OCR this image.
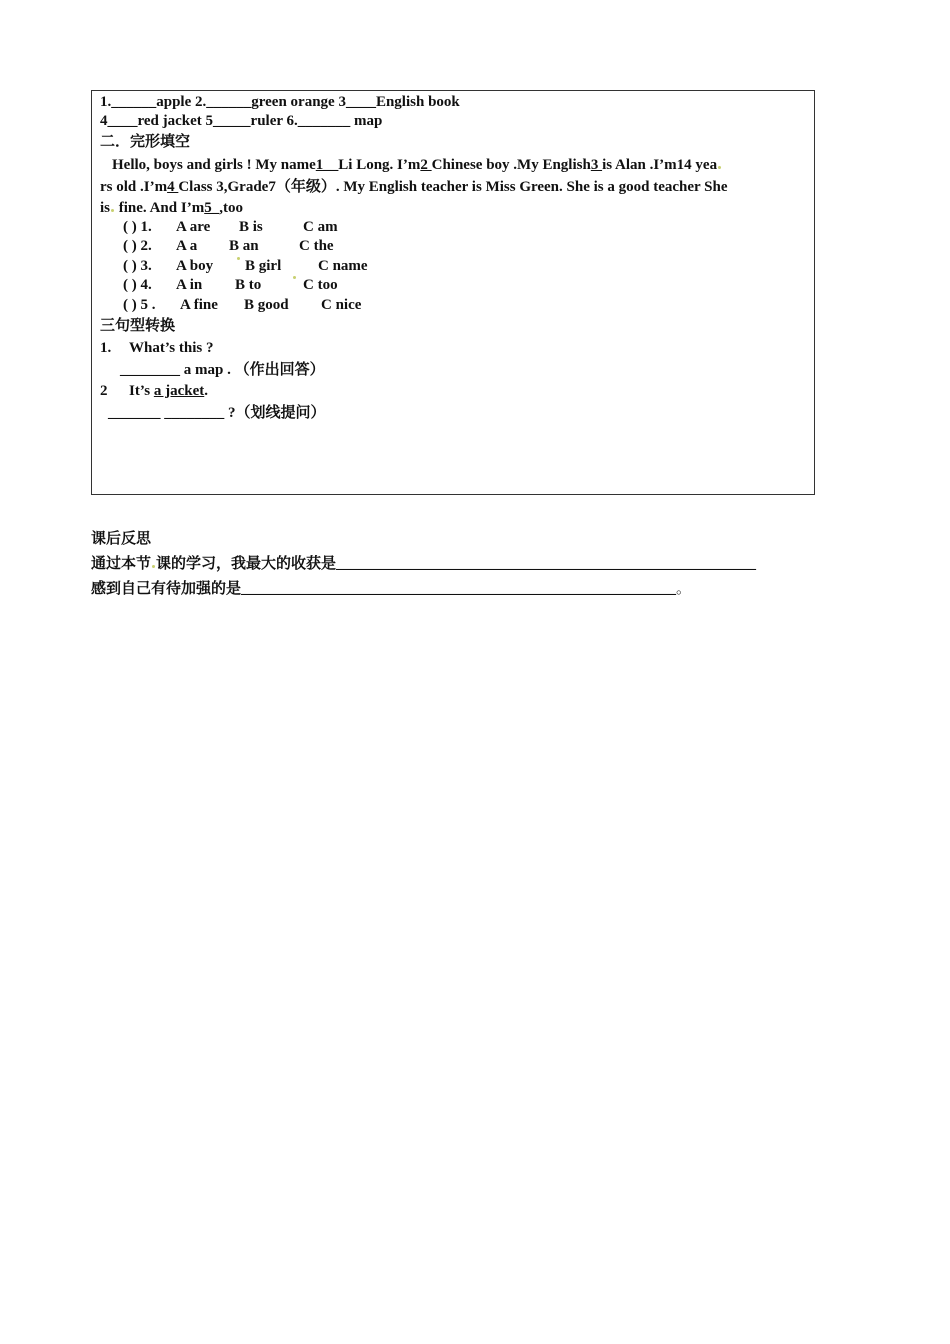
1.______apple 2.______green orange 3____English book
4____red jacket 5_____ruler 6._______ map
二．完形填空
Hello, boys and girls ! My name1__Li Long. I’m2 Chinese boy .My English3 is Alan .I’m14 yea
rs old .I’m4 Class 3,Grade7（年级）. My English teacher is Miss Green. She is a good teacher She
is fine. And I’m5_,too
( ) 1. A are B is	C am
( ) 2. A a B an	C the
( ) 3. A boy B girl C name
( ) 4. A in B to	C too
( ) 5 . A fine B good C nice
三句型转换
1. What’s this ?
________ a map . （作出回答）
2 It’s a jacket.
_______ ________ ?（划线提问）
课后反思
通过本节 课的学习，我最大的收获是________________________________________________________
感到自己有待加强的是__________________________________________________________。
